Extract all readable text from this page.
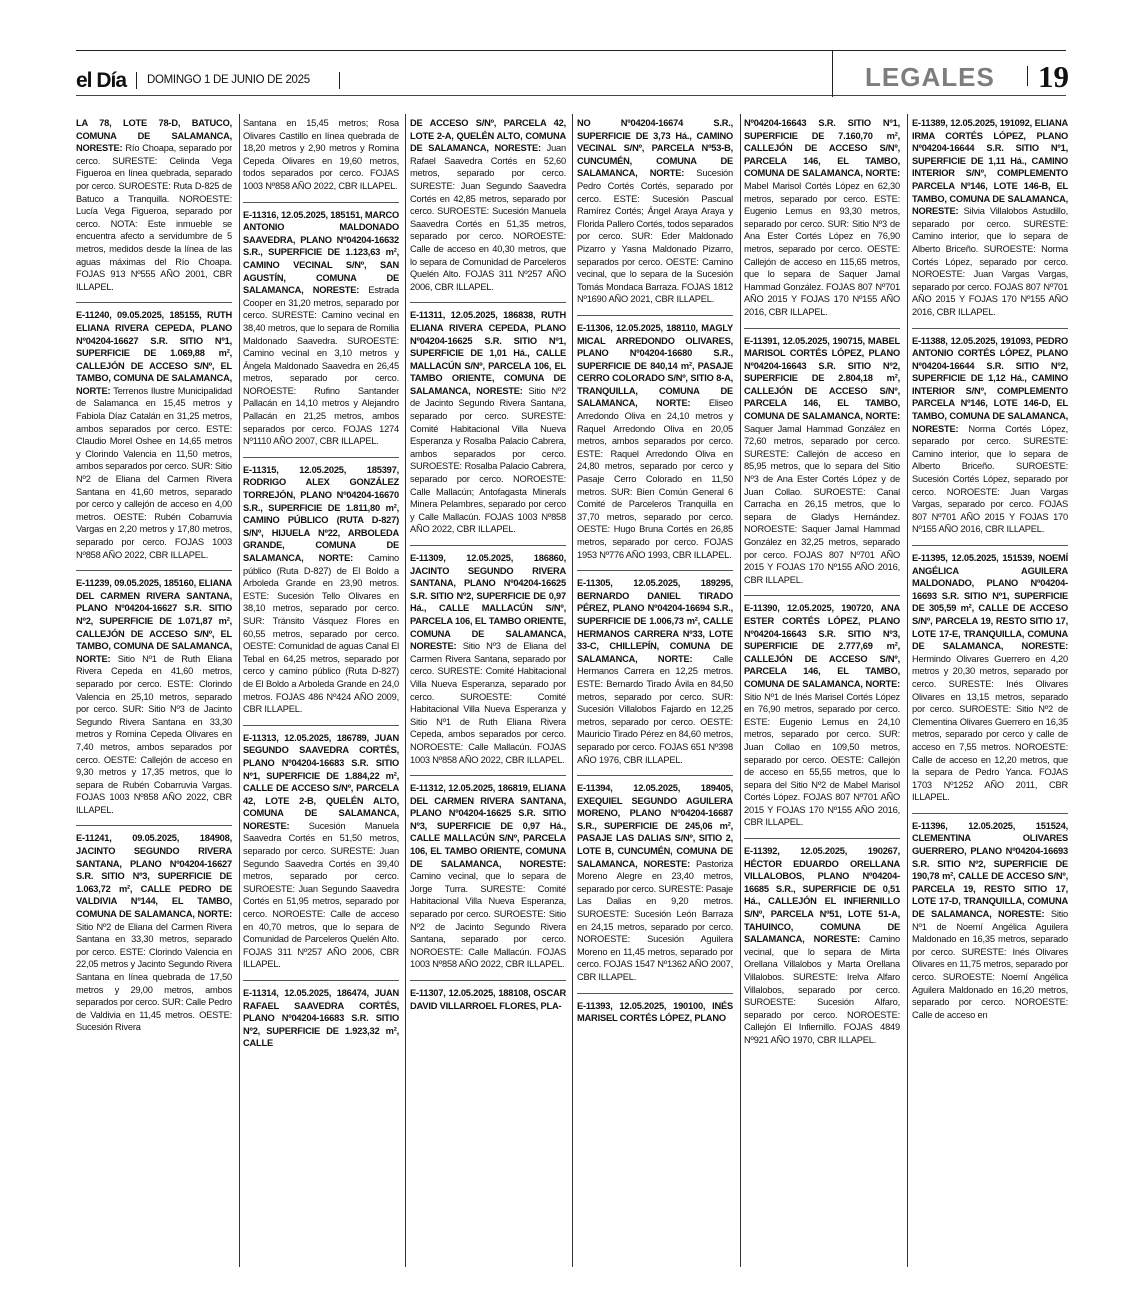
el Día DOMINGO 1 DE JUNIO DE 2025	LEGALES 19

LA 78, LOTE 78-D, BATUCO, COMUNA DE SALAMANCA, NORESTE: Río Choapa, separado por cerco. SURESTE: Celinda Vega Figueroa en línea quebrada, separado por cerco. SUROESTE: Ruta D-825 de Batuco a Tranquilla. NOROESTE: Lucía Vega Figueroa, separado por cerco. NOTA: Este inmueble se encuentra afecto a servidumbre de 5 metros, medidos desde la línea de las aguas máximas del Río Choapa. FOJAS 913 Nº555 AÑO 2001, CBR ILLAPEL.

E-11240, 09.05.2025, 185155, RUTH ELIANA RIVERA CEPEDA, PLANO Nº04204-16627 S.R. SITIO Nº1, SUPERFICIE DE 1.069,88 m², CALLEJÓN DE ACCESO S/Nº, EL TAMBO, COMUNA DE SALAMANCA, NORTE: Terrenos Ilustre Municipalidad de Salamanca en 15,45 metros y Fabiola Díaz Catalán en 31,25 metros, ambos separados por cerco. ESTE: Claudio Morel Oshee en 14,65 metros y Clorindo Valencia en 11,50 metros, ambos separados por cerco. SUR: Sitio Nº2 de Eliana del Carmen Rivera Santana en 41,60 metros, separado por cerco y callejón de acceso en 4,00 metros. OESTE: Rubén Cobarruvia Vargas en 2,20 metros y 17,80 metros, separado por cerco. FOJAS 1003 Nº858 AÑO 2022, CBR ILLAPEL.

E-11239, 09.05.2025, 185160, ELIANA DEL CARMEN RIVERA SANTANA, PLANO Nº04204-16627 S.R. SITIO Nº2, SUPERFICIE DE 1.071,87 m², CALLEJÓN DE ACCESO S/Nº, EL TAMBO, COMUNA DE SALAMANCA, NORTE: Sitio Nº1 de Ruth Eliana Rivera Cepeda en 41,60 metros, separado por cerco. ESTE: Clorindo Valencia en 25,10 metros, separado por cerco. SUR: Sitio Nº3 de Jacinto Segundo Rivera Santana en 33,30 metros y Romina Cepeda Olivares en 7,40 metros, ambos separados por cerco. OESTE: Callejón de acceso en 9,30 metros y 17,35 metros, que lo separa de Rubén Cobarruvia Vargas. FOJAS 1003 Nº858 AÑO 2022, CBR ILLAPEL.

E-11241, 09.05.2025, 184908, JACINTO SEGUNDO RIVERA SANTANA, PLANO Nº04204-16627 S.R. SITIO Nº3, SUPERFICIE DE 1.063,72 m², CALLE PEDRO DE VALDIVIA Nº144, EL TAMBO, COMUNA DE SALAMANCA, NORTE: Sitio Nº2 de Eliana del Carmen Rivera Santana en 33,30 metros, separado por cerco. ESTE: Clorindo Valencia en 22,05 metros y Jacinto Segundo Rivera Santana en línea quebrada de 17,50 metros y 29,00 metros, ambos separados por cerco. SUR: Calle Pedro de Valdivia en 11,45 metros. OESTE: Sucesión Rivera

Santana en 15,45 metros; Rosa Olivares Castillo en línea quebrada de 18,20 metros y 2,90 metros y Romina Cepeda Olivares en 19,60 metros, todos separados por cerco. FOJAS 1003 Nº858 AÑO 2022, CBR ILLAPEL.

E-11316, 12.05.2025, 185151, MARCO ANTONIO MALDONADO SAAVEDRA, PLANO Nº04204-16632 S.R., SUPERFICIE DE 1.123,63 m², CAMINO VECINAL S/Nº, SAN AGUSTÍN, COMUNA DE SALAMANCA, NORESTE: Estrada Cooper en 31,20 metros, separado por cerco. SURESTE: Camino vecinal en 38,40 metros, que lo separa de Romilia Maldonado Saavedra. SUROESTE: Camino vecinal en 3,10 metros y Ángela Maldonado Saavedra en 26,45 metros, separado por cerco. NOROESTE: Rufino Santander Pallacán en 14,10 metros y Alejandro Pallacán en 21,25 metros, ambos separados por cerco. FOJAS 1274 Nº1110 AÑO 2007, CBR ILLAPEL.

E-11315, 12.05.2025, 185397, RODRIGO ALEX GONZÁLEZ TORREJÓN, PLANO Nº04204-16670 S.R., SUPERFICIE DE 1.811,80 m², CAMINO PÚBLICO (RUTA D-827) S/Nº, HIJUELA Nº22, ARBOLEDA GRANDE, COMUNA DE SALAMANCA, NORTE: Camino público (Ruta D-827) de El Boldo a Arboleda Grande en 23,90 metros. ESTE: Sucesión Tello Olivares en 38,10 metros, separado por cerco. SUR: Tránsito Vásquez Flores en 60,55 metros, separado por cerco. OESTE: Comunidad de aguas Canal El Tebal en 64,25 metros, separado por cerco y camino público (Ruta D-827) de El Boldo a Arboleda Grande en 24,0 metros. FOJAS 486 Nº424 AÑO 2009, CBR ILLAPEL.

E-11313, 12.05.2025, 186789, JUAN SEGUNDO SAAVEDRA CORTÉS, PLANO Nº04204-16683 S.R. SITIO Nº1, SUPERFICIE DE 1.884,22 m², CALLE DE ACCESO S/Nº, PARCELA 42, LOTE 2-B, QUELÉN ALTO, COMUNA DE SALAMANCA, NORESTE: Sucesión Manuela Saavedra Cortés en 51,50 metros, separado por cerco. SURESTE: Juan Segundo Saavedra Cortés en 39,40 metros, separado por cerco. SUROESTE: Juan Segundo Saavedra Cortés en 51,95 metros, separado por cerco. NOROESTE: Calle de acceso en 40,70 metros, que lo separa de Comunidad de Parceleros Quelén Alto. FOJAS 311 Nº257 AÑO 2006, CBR ILLAPEL.

E-11314, 12.05.2025, 186474, JUAN RAFAEL SAAVEDRA CORTÉS, PLANO Nº04204-16683 S.R. SITIO Nº2, SUPERFICIE DE 1.923,32 m², CALLE

DE ACCESO S/Nº, PARCELA 42, LOTE 2-A, QUELÉN ALTO, COMUNA DE SALAMANCA, NORESTE: Juan Rafael Saavedra Cortés en 52,60 metros, separado por cerco. SURESTE: Juan Segundo Saavedra Cortés en 42,85 metros, separado por cerco. SUROESTE: Sucesión Manuela Saavedra Cortés en 51,35 metros, separado por cerco. NOROESTE: Calle de acceso en 40,30 metros, que lo separa de Comunidad de Parceleros Quelén Alto. FOJAS 311 Nº257 AÑO 2006, CBR ILLAPEL.

E-11311, 12.05.2025, 186838, RUTH ELIANA RIVERA CEPEDA, PLANO Nº04204-16625 S.R. SITIO Nº1, SUPERFICIE DE 1,01 Há., CALLE MALLACÚN S/Nº, PARCELA 106, EL TAMBO ORIENTE, COMUNA DE SALAMANCA, NORESTE: Sitio Nº2 de Jacinto Segundo Rivera Santana, separado por cerco. SURESTE: Comité Habitacional Villa Nueva Esperanza y Rosalba Palacio Cabrera, ambos separados por cerco. SUROESTE: Rosalba Palacio Cabrera, separado por cerco. NOROESTE: Calle Mallacún; Antofagasta Minerals Minera Pelambres, separado por cerco y Calle Mallacún. FOJAS 1003 Nº858 AÑO 2022, CBR ILLAPEL.

E-11309, 12.05.2025, 186860, JACINTO SEGUNDO RIVERA SANTANA, PLANO Nº04204-16625 S.R. SITIO Nº2, SUPERFICIE DE 0,97 Há., CALLE MALLACÚN S/Nº, PARCELA 106, EL TAMBO ORIENTE, COMUNA DE SALAMANCA, NORESTE: Sitio Nº3 de Eliana del Carmen Rivera Santana, separado por cerco. SURESTE: Comité Habitacional Villa Nueva Esperanza, separado por cerco. SUROESTE: Comité Habitacional Villa Nueva Esperanza y Sitio Nº1 de Ruth Eliana Rivera Cepeda, ambos separados por cerco. NOROESTE: Calle Mallacún. FOJAS 1003 Nº858 AÑO 2022, CBR ILLAPEL.

E-11312, 12.05.2025, 186819, ELIANA DEL CARMEN RIVERA SANTANA, PLANO Nº04204-16625 S.R. SITIO Nº3, SUPERFICIE DE 0,97 Há., CALLE MALLACÚN S/Nº, PARCELA 106, EL TAMBO ORIENTE, COMUNA DE SALAMANCA, NORESTE: Camino vecinal, que lo separa de Jorge Turra. SURESTE: Comité Habitacional Villa Nueva Esperanza, separado por cerco. SUROESTE: Sitio Nº2 de Jacinto Segundo Rivera Santana, separado por cerco. NOROESTE: Calle Mallacún. FOJAS 1003 Nº858 AÑO 2022, CBR ILLAPEL.

E-11307, 12.05.2025, 188108, OSCAR DAVID VILLARROEL FLORES, PLA-

NO Nº04204-16674 S.R., SUPERFICIE DE 3,73 Há., CAMINO VECINAL S/Nº, PARCELA Nº53-B, CUNCUMÉN, COMUNA DE SALAMANCA, NORTE: Sucesión Pedro Cortés Cortés, separado por cerco. ESTE: Sucesión Pascual Ramírez Cortés; Ángel Araya Araya y Florida Pallero Cortés, todos separados por cerco. SUR: Eder Maldonado Pizarro y Yasna Maldonado Pizarro, separados por cerco. OESTE: Camino vecinal, que lo separa de la Sucesión Tomás Mondaca Barraza. FOJAS 1812 Nº1690 AÑO 2021, CBR ILLAPEL.

E-11306, 12.05.2025, 188110, MAGLY MICAL ARREDONDO OLIVARES, PLANO Nº04204-16680 S.R., SUPERFICIE DE 840,14 m², PASAJE CERRO COLORADO S/Nº, SITIO 8-A, TRANQUILLA, COMUNA DE SALAMANCA, NORTE: Eliseo Arredondo Oliva en 24,10 metros y Raquel Arredondo Oliva en 20,05 metros, ambos separados por cerco. ESTE: Raquel Arredondo Oliva en 24,80 metros, separado por cerco y Pasaje Cerro Colorado en 11,50 metros. SUR: Bien Común General 6 Comité de Parceleros Tranquilla en 37,70 metros, separado por cerco. OESTE: Hugo Bruna Cortés en 26,85 metros, separado por cerco. FOJAS 1953 Nº776 AÑO 1993, CBR ILLAPEL.

E-11305, 12.05.2025, 189295, BERNARDO DANIEL TIRADO PÉREZ, PLANO Nº04204-16694 S.R., SUPERFICIE DE 1.006,73 m², CALLE HERMANOS CARRERA Nº33, LOTE 33-C, CHILLEPÍN, COMUNA DE SALAMANCA, NORTE: Calle Hermanos Carrera en 12,25 metros. ESTE: Bernardo Tirado Ávila en 84,50 metros, separado por cerco. SUR: Sucesión Villalobos Fajardo en 12,25 metros, separado por cerco. OESTE: Mauricio Tirado Pérez en 84,60 metros, separado por cerco. FOJAS 651 Nº398 AÑO 1976, CBR ILLAPEL.

E-11394, 12.05.2025, 189405, EXEQUIEL SEGUNDO AGUILERA MORENO, PLANO Nº04204-16687 S.R., SUPERFICIE DE 245,06 m², PASAJE LAS DALIAS S/Nº, SITIO 2, LOTE B, CUNCUMÉN, COMUNA DE SALAMANCA, NORESTE: Pastoriza Moreno Alegre en 23,40 metros, separado por cerco. SURESTE: Pasaje Las Dalias en 9,20 metros. SUROESTE: Sucesión León Barraza en 24,15 metros, separado por cerco. NOROESTE: Sucesión Aguilera Moreno en 11,45 metros, separado por cerco. FOJAS 1547 Nº1362 AÑO 2007, CBR ILLAPEL.

E-11393, 12.05.2025, 190100, INÉS MARISEL CORTÉS LÓPEZ, PLANO

Nº04204-16643 S.R. SITIO Nº1, SUPERFICIE DE 7.160,70 m², CALLEJÓN DE ACCESO S/Nº, PARCELA 146, EL TAMBO, COMUNA DE SALAMANCA, NORTE: Mabel Marisol Cortés López en 62,30 metros, separado por cerco. ESTE: Eugenio Lemus en 93,30 metros, separado por cerco. SUR: Sitio Nº3 de Ana Ester Cortés López en 76,90 metros, separado por cerco. OESTE: Callejón de acceso en 115,65 metros, que lo separa de Saquer Jamal Hammad González. FOJAS 807 Nº701 AÑO 2015 Y FOJAS 170 Nº155 AÑO 2016, CBR ILLAPEL.

E-11391, 12.05.2025, 190715, MABEL MARISOL CORTÉS LÓPEZ, PLANO Nº04204-16643 S.R. SITIO Nº2, SUPERFICIE DE 2.804,18 m², CALLEJÓN DE ACCESO S/Nº, PARCELA 146, EL TAMBO, COMUNA DE SALAMANCA, NORTE: Saquer Jamal Hammad González en 72,60 metros, separado por cerco. SURESTE: Callejón de acceso en 85,95 metros, que lo separa del Sitio Nº3 de Ana Ester Cortés López y de Juan Collao. SUROESTE: Canal Carracha en 26,15 metros, que lo separa de Gladys Hernández. NOROESTE: Saquer Jamal Hammad González en 32,25 metros, separado por cerco. FOJAS 807 Nº701 AÑO 2015 Y FOJAS 170 Nº155 AÑO 2016, CBR ILLAPEL.

E-11390, 12.05.2025, 190720, ANA ESTER CORTÉS LÓPEZ, PLANO Nº04204-16643 S.R. SITIO Nº3, SUPERFICIE DE 2.777,69 m², CALLEJÓN DE ACCESO S/Nº, PARCELA 146, EL TAMBO, COMUNA DE SALAMANCA, NORTE: Sitio Nº1 de Inés Marisel Cortés López en 76,90 metros, separado por cerco. ESTE: Eugenio Lemus en 24,10 metros, separado por cerco. SUR: Juan Collao en 109,50 metros, separado por cerco. OESTE: Callejón de acceso en 55,55 metros, que lo separa del Sitio Nº2 de Mabel Marisol Cortés López. FOJAS 807 Nº701 AÑO 2015 Y FOJAS 170 Nº155 AÑO 2016, CBR ILLAPEL.

E-11392, 12.05.2025, 190267, HÉCTOR EDUARDO ORELLANA VILLALOBOS, PLANO Nº04204-16685 S.R., SUPERFICIE DE 0,51 Há., CALLEJÓN EL INFIERNILLO S/Nº, PARCELA Nº51, LOTE 51-A, TAHUINCO, COMUNA DE SALAMANCA, NORESTE: Camino vecinal, que lo separa de Mirta Orellana Villalobos y Marta Orellana Villalobos. SURESTE: Irelva Alfaro Villalobos, separado por cerco. SUROESTE: Sucesión Alfaro, separado por cerco. NOROESTE: Callejón El Infiernillo. FOJAS 4849 Nº921 AÑO 1970, CBR ILLAPEL.

E-11389, 12.05.2025, 191092, ELIANA IRMA CORTÉS LÓPEZ, PLANO Nº04204-16644 S.R. SITIO Nº1, SUPERFICIE DE 1,11 Há., CAMINO INTERIOR S/Nº, COMPLEMENTO PARCELA Nº146, LOTE 146-B, EL TAMBO, COMUNA DE SALAMANCA, NORESTE: Silvia Villalobos Astudillo, separado por cerco. SURESTE: Camino interior, que lo separa de Alberto Briceño. SUROESTE: Norma Cortés López, separado por cerco. NOROESTE: Juan Vargas Vargas, separado por cerco. FOJAS 807 Nº701 AÑO 2015 Y FOJAS 170 Nº155 AÑO 2016, CBR ILLAPEL.

E-11388, 12.05.2025, 191093, PEDRO ANTONIO CORTÉS LÓPEZ, PLANO Nº04204-16644 S.R. SITIO Nº2, SUPERFICIE DE 1,12 Há., CAMINO INTERIOR S/Nº, COMPLEMENTO PARCELA Nº146, LOTE 146-D, EL TAMBO, COMUNA DE SALAMANCA, NORESTE: Norma Cortés López, separado por cerco. SURESTE: Camino interior, que lo separa de Alberto Briceño. SUROESTE: Sucesión Cortés López, separado por cerco. NOROESTE: Juan Vargas Vargas, separado por cerco. FOJAS 807 Nº701 AÑO 2015 Y FOJAS 170 Nº155 AÑO 2016, CBR ILLAPEL.

E-11395, 12.05.2025, 151539, NOEMÍ ANGÉLICA AGUILERA MALDONADO, PLANO Nº04204-16693 S.R. SITIO Nº1, SUPERFICIE DE 305,59 m², CALLE DE ACCESO S/Nº, PARCELA 19, RESTO SITIO 17, LOTE 17-E, TRANQUILLA, COMUNA DE SALAMANCA, NORESTE: Hermindo Olivares Guerrero en 4,20 metros y 20,30 metros, separado por cerco. SURESTE: Inés Olivares Olivares en 13,15 metros, separado por cerco. SUROESTE: Sitio Nº2 de Clementina Olivares Guerrero en 16,35 metros, separado por cerco y calle de acceso en 7,55 metros. NOROESTE: Calle de acceso en 12,20 metros, que la separa de Pedro Yanca. FOJAS 1703 Nº1252 AÑO 2011, CBR ILLAPEL.

E-11396, 12.05.2025, 151524, CLEMENTINA OLIVARES GUERRERO, PLANO Nº04204-16693 S.R. SITIO Nº2, SUPERFICIE DE 190,78 m², CALLE DE ACCESO S/Nº, PARCELA 19, RESTO SITIO 17, LOTE 17-D, TRANQUILLA, COMUNA DE SALAMANCA, NORESTE: Sitio Nº1 de Noemí Angélica Aguilera Maldonado en 16,35 metros, separado por cerco. SURESTE: Inés Olivares Olivares en 11,75 metros, separado por cerco. SUROESTE: Noemí Angélica Aguilera Maldonado en 16,20 metros, separado por cerco. NOROESTE: Calle de acceso en
